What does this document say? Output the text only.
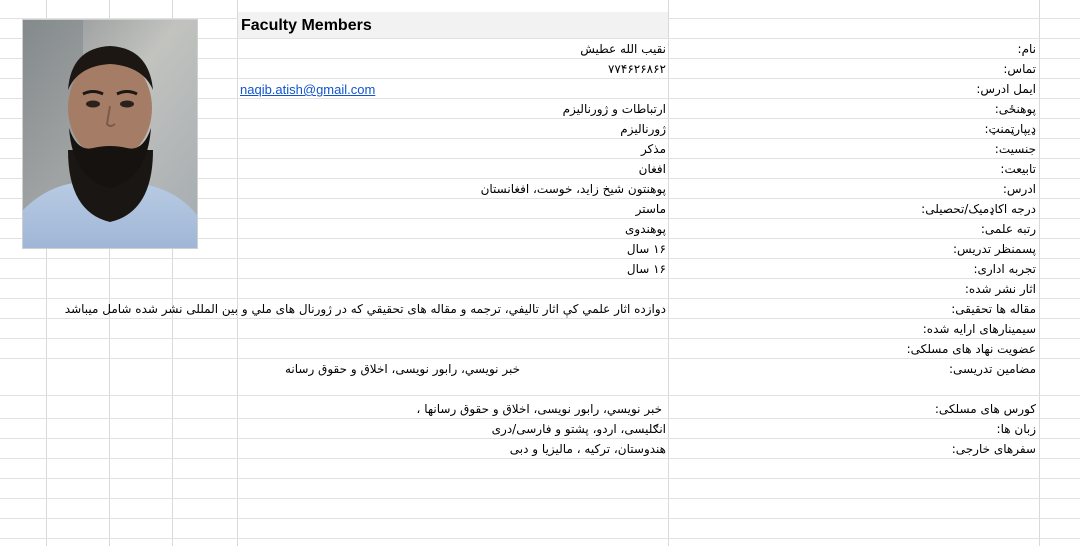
Faculty Members
نام:
تماس:
ایمل ادرس:
پوهنځی:
ډیپارټمنټ:
جنسیت:
تابیعت:
ادرس:
درجه اکاډمیک/تحصیلی:
رتبه علمی:
پسمنظر تدریس:
تجربه اداری:
اثار نشر شده:
مقاله ها تحقیقی:
سیمینارهای ارایه شده:
عضویت نهاد های مسلکی:
مضامین تدریسی:
کورس های مسلکی:
زبان ها:
سفرهای خارجی:
نقیب الله عطیش
۷۷۴۶۲۶۸۶۲
naqib.atish@gmail.com
ارتباطات و ژورنالیزم
ژورنالیزم
مذکر
افغان
پوهنتون شیخ زاید، خوست، افغانستان
ماستر
پوهندوی
۱۶ سال
۱۶ سال
دوازده اثار علمي کې اثار تاليفي، ترجمه و مقاله های تحقیقي که در ژورنال های ملي و بین المللی نشر شده شامل میباشد
خبر نویسي، رابور نویسی، اخلاق و حقوق رسانه
خبر نویسي، رابور نویسی، اخلاق و حقوق رسانها ،
انګلیسی، اردو، پشتو و فارسی/دری
هندوستان، ترکیه ، مالیزیا و دبی
